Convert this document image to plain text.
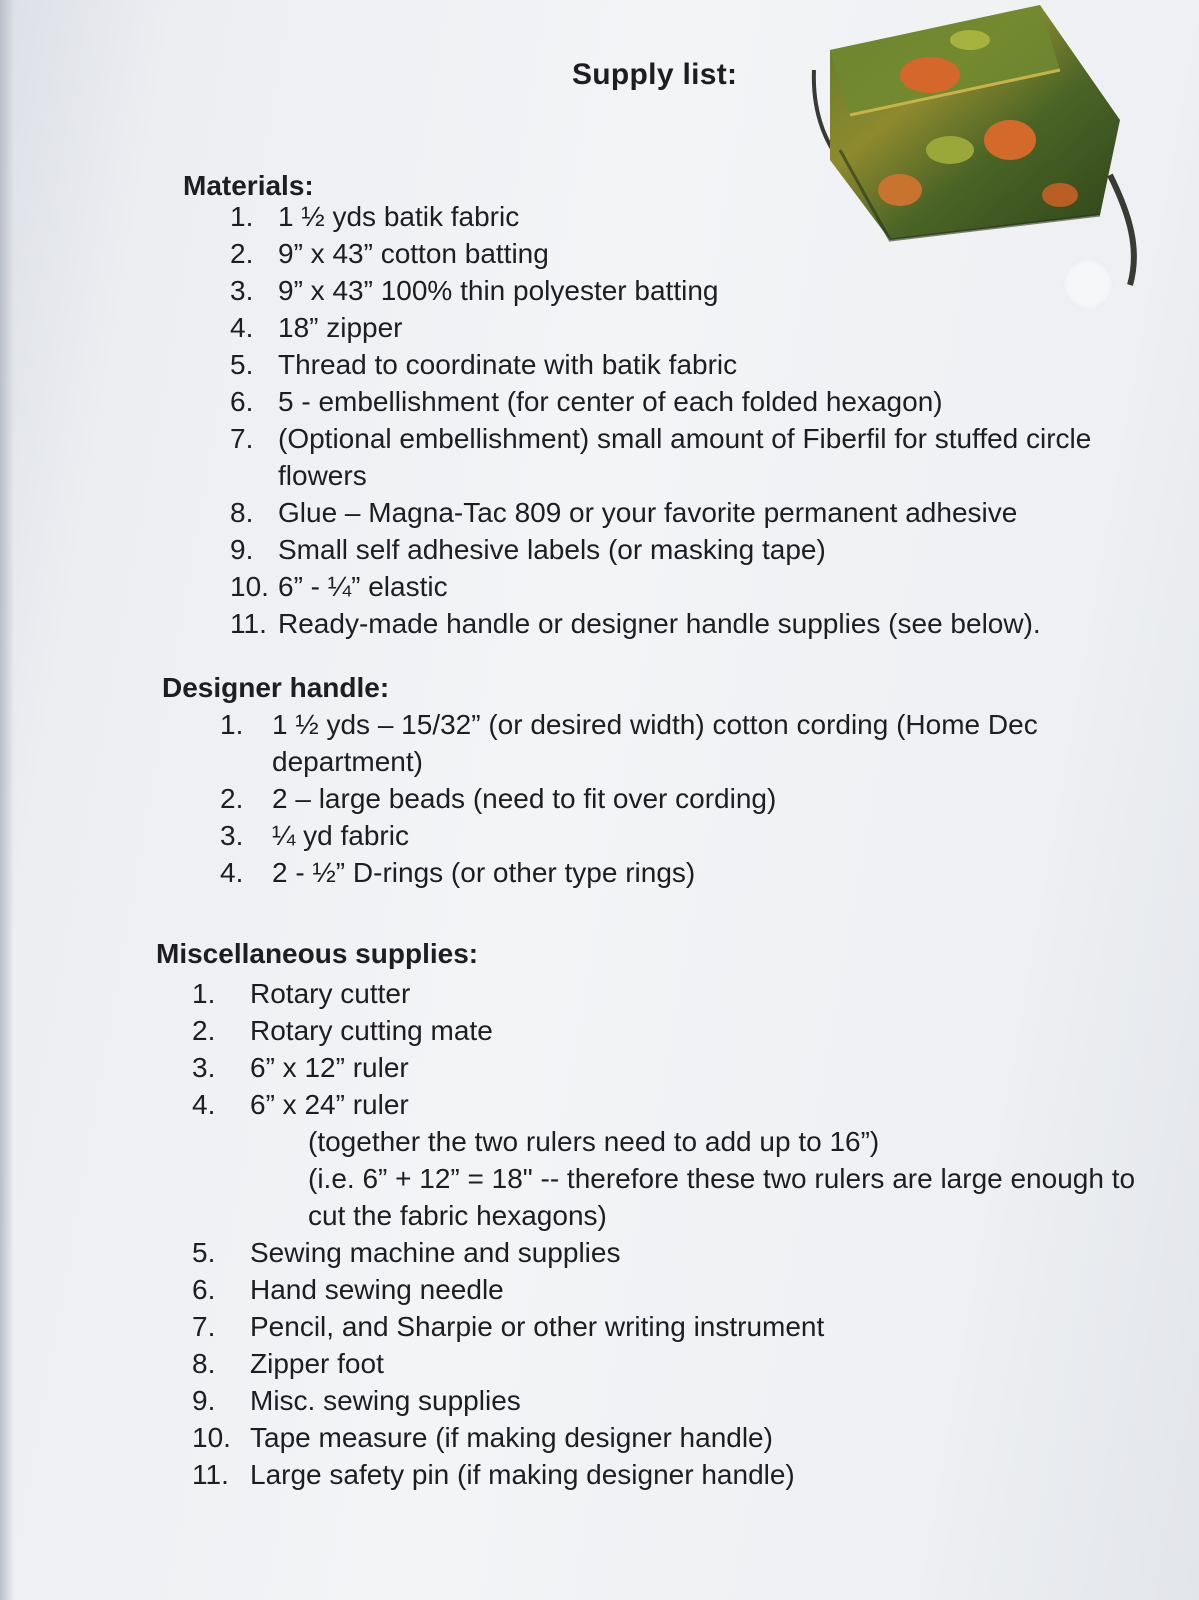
Supply list:
Materials:
1. 1 ½ yds batik fabric
2. 9” x 43” cotton batting
3. 9” x 43” 100% thin polyester batting
4. 18” zipper
5. Thread to coordinate with batik fabric
6. 5 - embellishment (for center of each folded hexagon)
7. (Optional embellishment) small amount of Fiberfil for stuffed circle flowers
8. Glue – Magna-Tac 809 or your favorite permanent adhesive
9. Small self adhesive labels (or masking tape)
10. 6” - ¼” elastic
11. Ready-made handle or designer handle supplies (see below).
Designer handle:
1. 1 ½ yds – 15/32” (or desired width) cotton cording (Home Dec department)
2. 2 – large beads (need to fit over cording)
3. ¼ yd fabric
4. 2 - ½” D-rings (or other type rings)
Miscellaneous supplies:
1. Rotary cutter
2. Rotary cutting mate
3. 6” x 12” ruler
4. 6” x 24” ruler
(together the two rulers need to add up to 16”)
(i.e. 6” + 12” = 18" -- therefore these two rulers are large enough to cut the fabric hexagons)
5. Sewing machine and supplies
6. Hand sewing needle
7. Pencil, and Sharpie or other writing instrument
8. Zipper foot
9. Misc. sewing supplies
10. Tape measure (if making designer handle)
11. Large safety pin (if making designer handle)
